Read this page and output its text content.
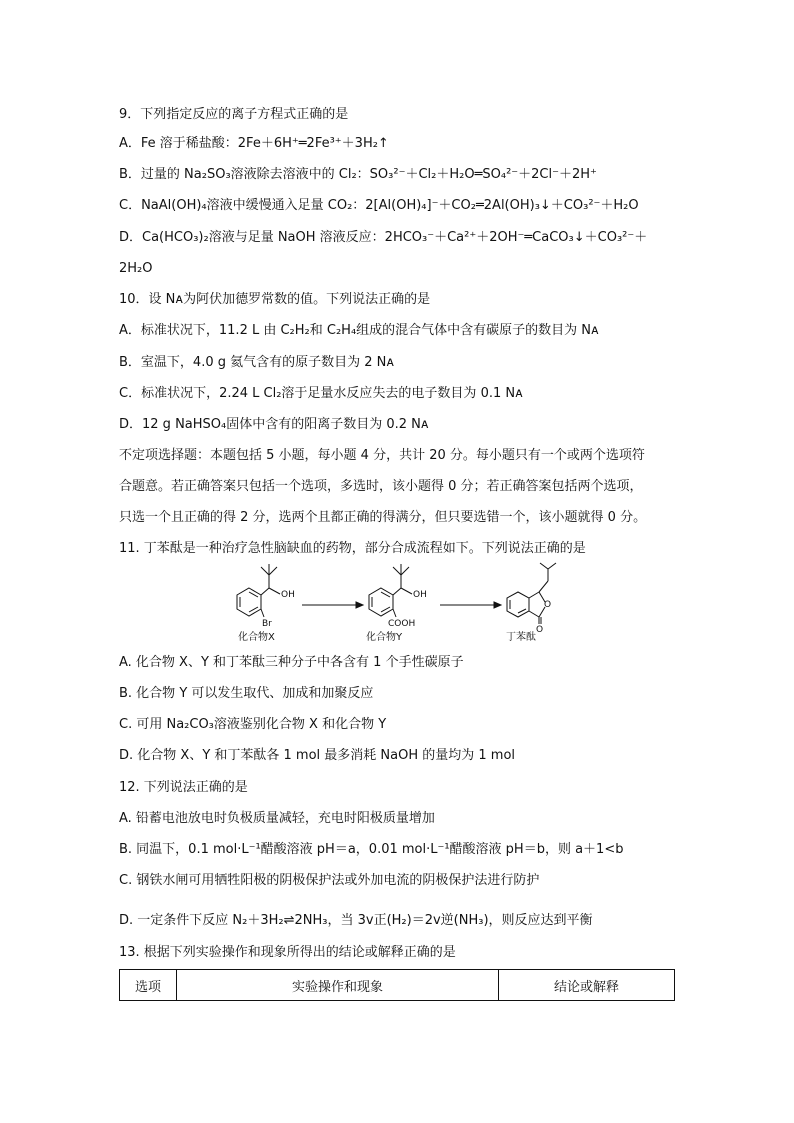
9．下列指定反应的离子方程式正确的是
A．Fe 溶于稀盐酸：2Fe＋6H⁺═2Fe³⁺＋3H₂↑
B．过量的 Na₂SO₃溶液除去溶液中的 Cl₂：SO₃²⁻＋Cl₂＋H₂O═SO₄²⁻＋2Cl⁻＋2H⁺
C．NaAl(OH)₄溶液中缓慢通入足量 CO₂：2[Al(OH)₄]⁻＋CO₂═2Al(OH)₃↓＋CO₃²⁻＋H₂O
D．Ca(HCO₃)₂溶液与足量 NaOH 溶液反应：2HCO₃⁻＋Ca²⁺＋2OH⁻═CaCO₃↓＋CO₃²⁻＋
2H₂O
10．设 Nᴀ为阿伏加德罗常数的值。下列说法正确的是
A．标准状况下，11.2 L 由 C₂H₂和 C₂H₄组成的混合气体中含有碳原子的数目为 Nᴀ
B．室温下，4.0 g 氦气含有的原子数目为 2 Nᴀ
C．标准状况下，2.24 L Cl₂溶于足量水反应失去的电子数目为 0.1 Nᴀ
D．12 g NaHSO₄固体中含有的阳离子数目为 0.2 Nᴀ
不定项选择题：本题包括 5 小题，每小题 4 分，共计 20 分。每小题只有一个或两个选项符
合题意。若正确答案只包括一个选项，多选时，该小题得 0 分；若正确答案包括两个选项，
只选一个且正确的得 2 分，选两个且都正确的得满分，但只要选错一个，该小题就得 0 分。
11. 丁苯酞是一种治疗急性脑缺血的药物，部分合成流程如下。下列说法正确的是
OH
Br
OH
COOH
O
O
化合物X	化合物Y	丁苯酞
A. 化合物 X、Y 和丁苯酞三种分子中各含有 1 个手性碳原子
B. 化合物 Y 可以发生取代、加成和加聚反应
C. 可用 Na₂CO₃溶液鉴别化合物 X 和化合物 Y
D. 化合物 X、Y 和丁苯酞各 1 mol 最多消耗 NaOH 的量均为 1 mol
12. 下列说法正确的是
A. 铅蓄电池放电时负极质量减轻，充电时阳极质量增加
B. 同温下，0.1 mol·L⁻¹醋酸溶液 pH＝a，0.01 mol·L⁻¹醋酸溶液 pH＝b，则 a＋1<b
C. 钢铁水闸可用牺牲阳极的阴极保护法或外加电流的阴极保护法进行防护
D. 一定条件下反应 N₂＋3H₂⇌2NH₃，当 3v正(H₂)＝2v逆(NH₃)，则反应达到平衡
13. 根据下列实验操作和现象所得出的结论或解释正确的是
选项	实验操作和现象	结论或解释
